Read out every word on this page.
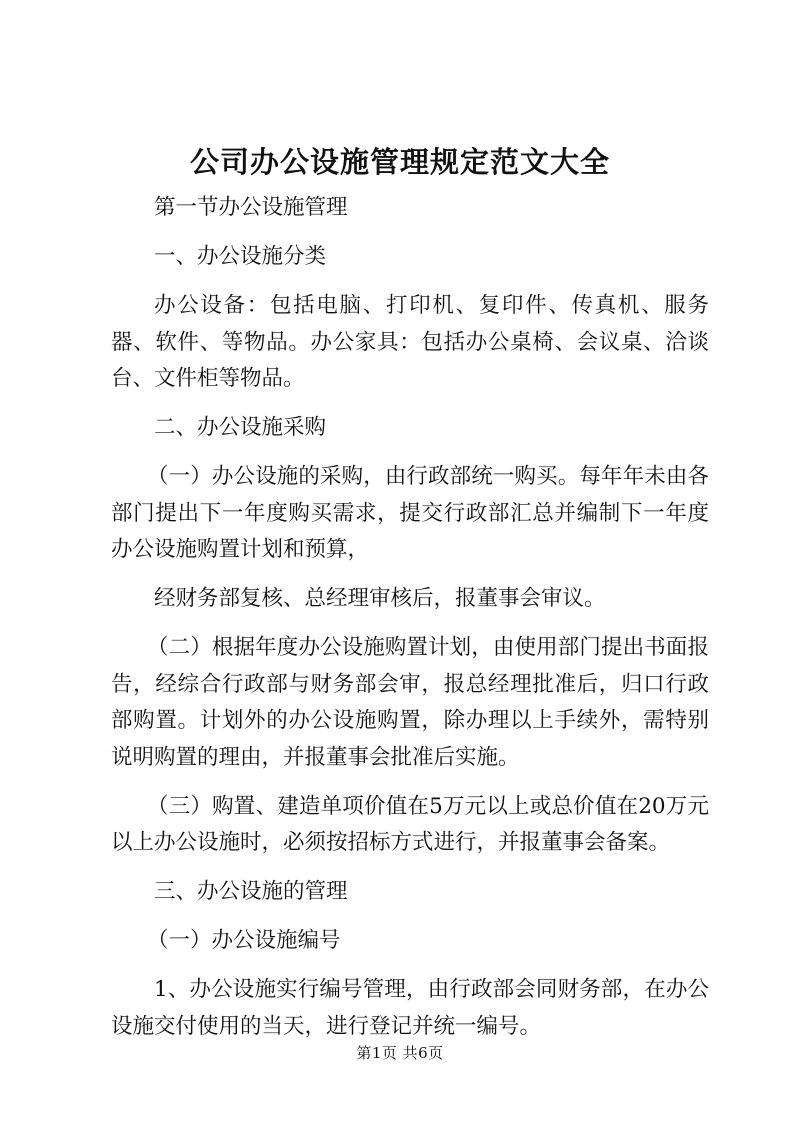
公司办公设施管理规定范文大全

第一节办公设施管理

一、办公设施分类

办公设备：包括电脑、打印机、复印件、传真机、服务器、软件、等物品。办公家具：包括办公桌椅、会议桌、洽谈台、文件柜等物品。

二、办公设施采购

（一）办公设施的采购，由行政部统一购买。每年年未由各部门提出下一年度购买需求，提交行政部汇总并编制下一年度办公设施购置计划和预算，

经财务部复核、总经理审核后，报董事会审议。

（二）根据年度办公设施购置计划，由使用部门提出书面报告，经综合行政部与财务部会审，报总经理批准后，归口行政部购置。计划外的办公设施购置，除办理以上手续外，需特别说明购置的理由，并报董事会批准后实施。

（三）购置、建造单项价值在5万元以上或总价值在20万元以上办公设施时，必须按招标方式进行，并报董事会备案。

三、办公设施的管理

（一）办公设施编号

1、办公设施实行编号管理，由行政部会同财务部，在办公设施交付使用的当天，进行登记并统一编号。

第1页 共6页
